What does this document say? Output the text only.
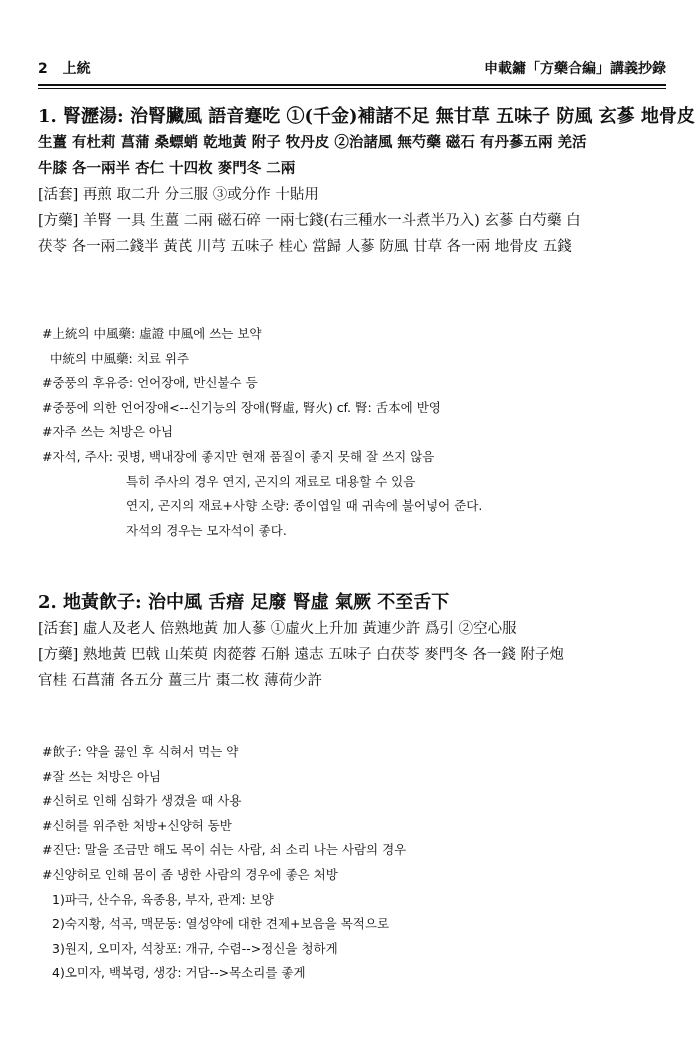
2 上統	申載鏞「方藥合編」講義抄錄
1. 腎瀝湯: 治腎臟風 語音蹇吃 ①(千金)補諸不足 無甘草 五味子 防風 玄蔘 地骨皮
生薑 有杜莉 菖蒲 桑螵蛸 乾地黃 附子 牧丹皮 ②治諸風 無芍藥 磁石 有丹蔘五兩 羌活
牛膝 各一兩半 杏仁 十四枚 麥門冬 二兩
[活套] 再煎 取二升 分三服 ③或分作 十貼用
[方藥] 羊腎 一具 生薑 二兩 磁石碎 一兩七錢(右三種水一斗煮半乃入) 玄蔘 白芍藥 白
茯苓 各一兩二錢半 黃芪 川芎 五味子 桂心 當歸 人蔘 防風 甘草 各一兩 地骨皮 五錢
#上統의 中風藥: 虛證 中風에 쓰는 보약
中統의 中風藥: 치료 위주
#중풍의 후유증: 언어장애, 반신불수 등
#중풍에 의한 언어장애<--신기능의 장애(腎虛, 腎火) cf. 腎: 舌本에 반영
#자주 쓰는 처방은 아님
#자석, 주사: 귓병, 백내장에 좋지만 현재 품질이 좋지 못해 잘 쓰지 않음
특히 주사의 경우 연지, 곤지의 재료로 대용할 수 있음
연지, 곤지의 재료+사향 소량: 종이엽일 때 귀속에 불어넣어 준다.
자석의 경우는 모자석이 좋다.
2. 地黃飮子: 治中風 舌瘖 足廢 腎虛 氣厥 不至舌下
[活套] 虛人及老人 倍熟地黃 加人蔘 ①虛火上升加 黃連少許 爲引 ②空心服
[方藥] 熟地黃 巴戟 山茱萸 肉蓯蓉 石斛 遠志 五味子 白茯苓 麥門冬 各一錢 附子炮
官桂 石菖蒲 各五分 薑三片 棗二枚 薄荷少許
#飮子: 약을 끓인 후 식혀서 먹는 약
#잘 쓰는 처방은 아님
#신허로 인해 심화가 생겼을 때 사용
#신허를 위주한 처방+신양허 동반
#진단: 말을 조금만 해도 목이 쉬는 사람, 쇠 소리 나는 사람의 경우
#신양허로 인해 몸이 좀 냉한 사람의 경우에 좋은 처방
1)파극, 산수유, 육종용, 부자, 관계: 보양
2)숙지황, 석곡, 맥문동: 열성약에 대한 견제+보음을 목적으로
3)원지, 오미자, 석창포: 개규, 수렴-->정신을 청하게
4)오미자, 백복령, 생강: 거담-->목소리를 좋게
